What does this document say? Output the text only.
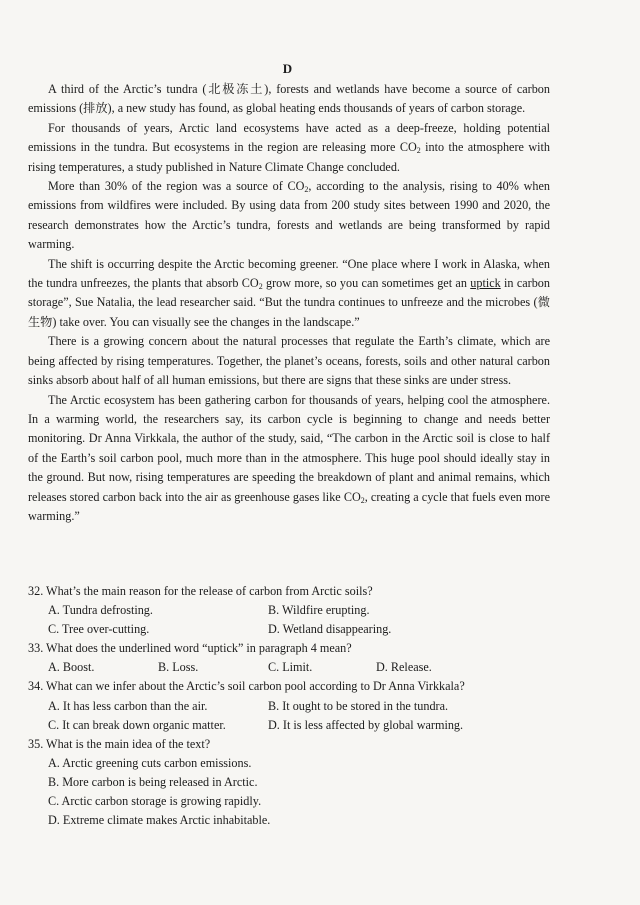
D

A third of the Arctic’s tundra (北极冻土), forests and wetlands have become a source of carbon emissions (排放), a new study has found, as global heating ends thousands of years of carbon storage.

For thousands of years, Arctic land ecosystems have acted as a deep-freeze, holding potential emissions in the tundra. But ecosystems in the region are releasing more $CO_2$ into the atmosphere with rising temperatures, a study published in Nature Climate Change concluded.

More than 30% of the region was a source of $CO_2$, according to the analysis, rising to 40% when emissions from wildfires were included. By using data from 200 study sites between 1990 and 2020, the research demonstrates how the Arctic’s tundra, forests and wetlands are being transformed by rapid warming.

The shift is occurring despite the Arctic becoming greener. “One place where I work in Alaska, when the tundra unfreezes, the plants that absorb $CO_2$ grow more, so you can sometimes get an uptick in carbon storage”, Sue Natalia, the lead researcher said. “But the tundra continues to unfreeze and the microbes (微生物) take over. You can visually see the changes in the landscape.”

There is a growing concern about the natural processes that regulate the Earth’s climate, which are being affected by rising temperatures. Together, the planet’s oceans, forests, soils and other natural carbon sinks absorb about half of all human emissions, but there are signs that these sinks are under stress.

The Arctic ecosystem has been gathering carbon for thousands of years, helping cool the atmosphere. In a warming world, the researchers say, its carbon cycle is beginning to change and needs better monitoring. Dr Anna Virkkala, the author of the study, said, “The carbon in the Arctic soil is close to half of the Earth’s soil carbon pool, much more than in the atmosphere. This huge pool should ideally stay in the ground. But now, rising temperatures are speeding the breakdown of plant and animal remains, which releases stored carbon back into the air as greenhouse gases like $CO_2$, creating a cycle that fuels even more warming.”

32. What’s the main reason for the release of carbon from Arctic soils?
A. Tundra defrosting.	B. Wildfire erupting.
C. Tree over-cutting.	D. Wetland disappearing.
33. What does the underlined word “uptick” in paragraph 4 mean?
A. Boost.	B. Loss.	C. Limit.	D. Release.
34. What can we infer about the Arctic’s soil carbon pool according to Dr Anna Virkkala?
A. It has less carbon than the air.	B. It ought to be stored in the tundra.
C. It can break down organic matter.	D. It is less affected by global warming.
35. What is the main idea of the text?
A. Arctic greening cuts carbon emissions.
B. More carbon is being released in Arctic.
C. Arctic carbon storage is growing rapidly.
D. Extreme climate makes Arctic inhabitable.
